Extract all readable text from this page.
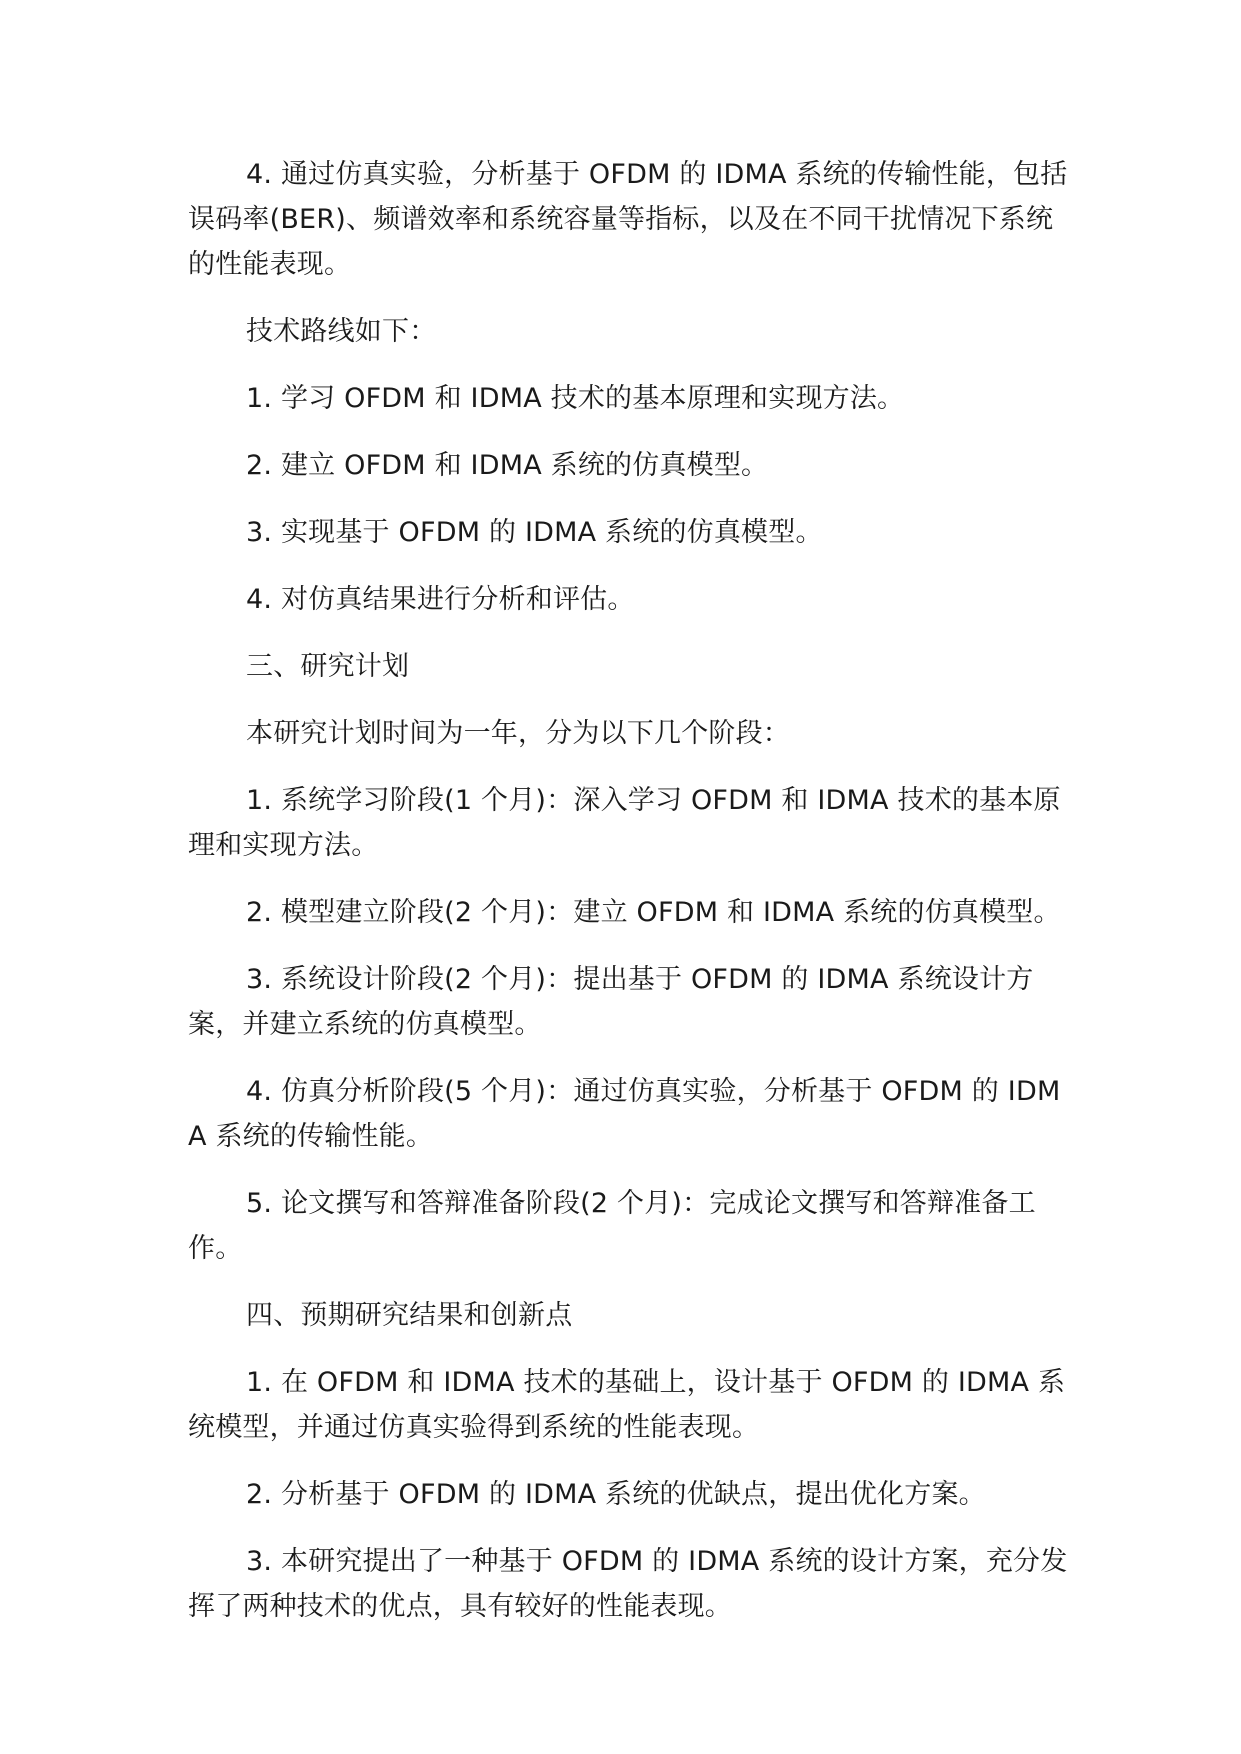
4. 通过仿真实验，分析基于 OFDM 的 IDMA 系统的传输性能，包括误码率(BER)、频谱效率和系统容量等指标，以及在不同干扰情况下系统的性能表现。

技术路线如下：

1. 学习 OFDM 和 IDMA 技术的基本原理和实现方法。

2. 建立 OFDM 和 IDMA 系统的仿真模型。

3. 实现基于 OFDM 的 IDMA 系统的仿真模型。

4. 对仿真结果进行分析和评估。

三、研究计划

本研究计划时间为一年，分为以下几个阶段：

1. 系统学习阶段(1 个月)：深入学习 OFDM 和 IDMA 技术的基本原理和实现方法。

2. 模型建立阶段(2 个月)：建立 OFDM 和 IDMA 系统的仿真模型。

3. 系统设计阶段(2 个月)：提出基于 OFDM 的 IDMA 系统设计方案，并建立系统的仿真模型。

4. 仿真分析阶段(5 个月)：通过仿真实验，分析基于 OFDM 的 IDMA 系统的传输性能。

5. 论文撰写和答辩准备阶段(2 个月)：完成论文撰写和答辩准备工作。

四、预期研究结果和创新点

1. 在 OFDM 和 IDMA 技术的基础上，设计基于 OFDM 的 IDMA 系统模型，并通过仿真实验得到系统的性能表现。

2. 分析基于 OFDM 的 IDMA 系统的优缺点，提出优化方案。

3. 本研究提出了一种基于 OFDM 的 IDMA 系统的设计方案，充分发挥了两种技术的优点，具有较好的性能表现。
